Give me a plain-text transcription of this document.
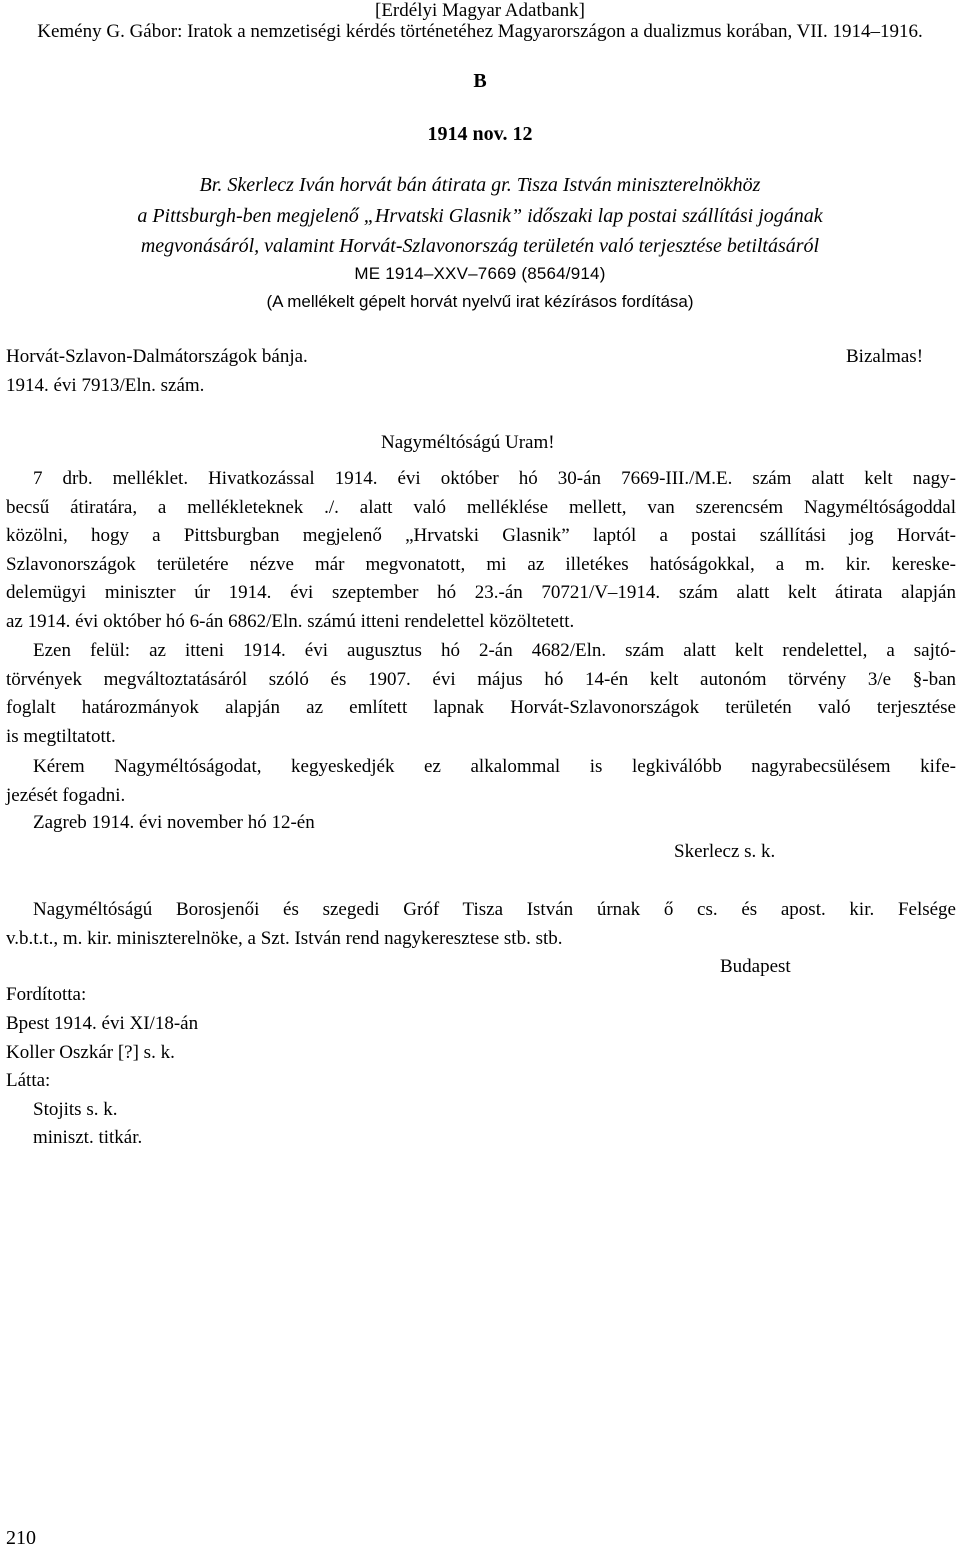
[Erdélyi Magyar Adatbank]
Kemény G. Gábor: Iratok a nemzetiségi kérdés történetéhez Magyarországon a dualizmus korában, VII. 1914–1916.
B
1914 nov. 12
Br. Skerlecz Iván horvát bán átirata gr. Tisza István miniszterelnökhöz
a Pittsburgh-ben megjelenő „Hrvatski Glasnik” időszaki lap postai szállítási jogának
megvonásáról, valamint Horvát-Szlavonország területén való terjesztése betiltásáról
ME 1914–XXV–7669 (8564/914)
(A mellékelt gépelt horvát nyelvű irat kézírásos fordítása)
Horvát-Szlavon-Dalmátországok bánja.
1914. évi 7913/Eln. szám.
Bizalmas!
Nagyméltóságú Uram!
7 drb. melléklet. Hivatkozással 1914. évi október hó 30-án 7669-III./M.E. szám alatt kelt nagy-
becsű átiratára, a mellékleteknek ./. alatt való melléklése mellett, van szerencsém Nagyméltóságoddal
közölni, hogy a Pittsburgban megjelenő „Hrvatski Glasnik” laptól a postai szállítási jog Horvát-
Szlavonországok területére nézve már megvonatott, mi az illetékes hatóságokkal, a m. kir. kereske-
delemügyi miniszter úr 1914. évi szeptember hó 23.-án 70721/V–1914. szám alatt kelt átirata alapján
az 1914. évi október hó 6-án 6862/Eln. számú itteni rendelettel közöltetett.
Ezen felül: az itteni 1914. évi augusztus hó 2-án 4682/Eln. szám alatt kelt rendelettel, a sajtó-
törvények megváltoztatásáról szóló és 1907. évi május hó 14-én kelt autonóm törvény 3/e §-ban
foglalt határozmányok alapján az említett lapnak Horvát-Szlavonországok területén való terjesztése
is megtiltatott.
Kérem Nagyméltóságodat, kegyeskedjék ez alkalommal is legkiválóbb nagyrabecsülésem kife-
jezését fogadni.
Zagreb 1914. évi november hó 12-én
Skerlecz s. k.
Nagyméltóságú Borosjenői és szegedi Gróf Tisza István úrnak ő cs. és apost. kir. Felsége
v.b.t.t., m. kir. miniszterelnöke, a Szt. István rend nagykeresztese stb. stb.
Budapest
Fordította:
Bpest 1914. évi XI/18-án
Koller Oszkár [?] s. k.
Látta:
Stojits s. k.
miniszt. titkár.
210
